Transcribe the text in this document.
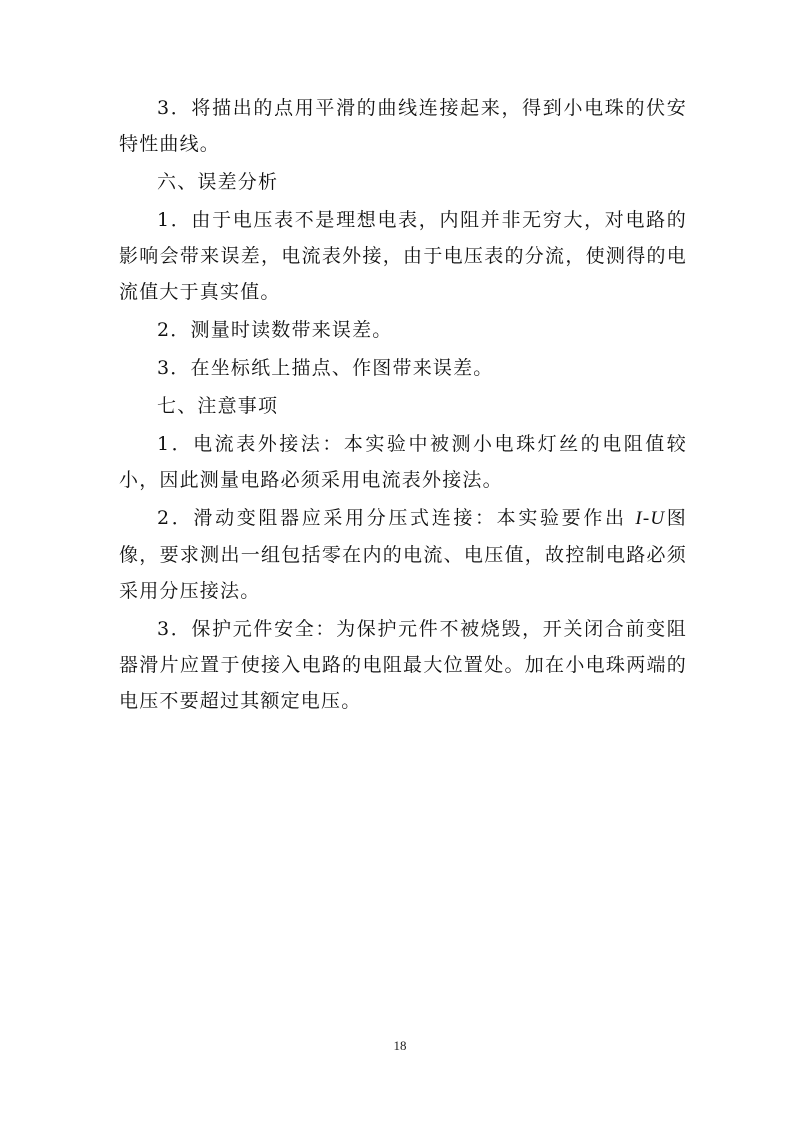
3．将描出的点用平滑的曲线连接起来，得到小电珠的伏安特性曲线。

六、误差分析

1．由于电压表不是理想电表，内阻并非无穷大，对电路的影响会带来误差，电流表外接，由于电压表的分流，使测得的电流值大于真实值。

2．测量时读数带来误差。

3．在坐标纸上描点、作图带来误差。

七、注意事项

1．电流表外接法：本实验中被测小电珠灯丝的电阻值较小，因此测量电路必须采用电流表外接法。

2．滑动变阻器应采用分压式连接：本实验要作出 I-U图像，要求测出一组包括零在内的电流、电压值，故控制电路必须采用分压接法。

3．保护元件安全：为保护元件不被烧毁，开关闭合前变阻器滑片应置于使接入电路的电阻最大位置处。加在小电珠两端的电压不要超过其额定电压。

18
